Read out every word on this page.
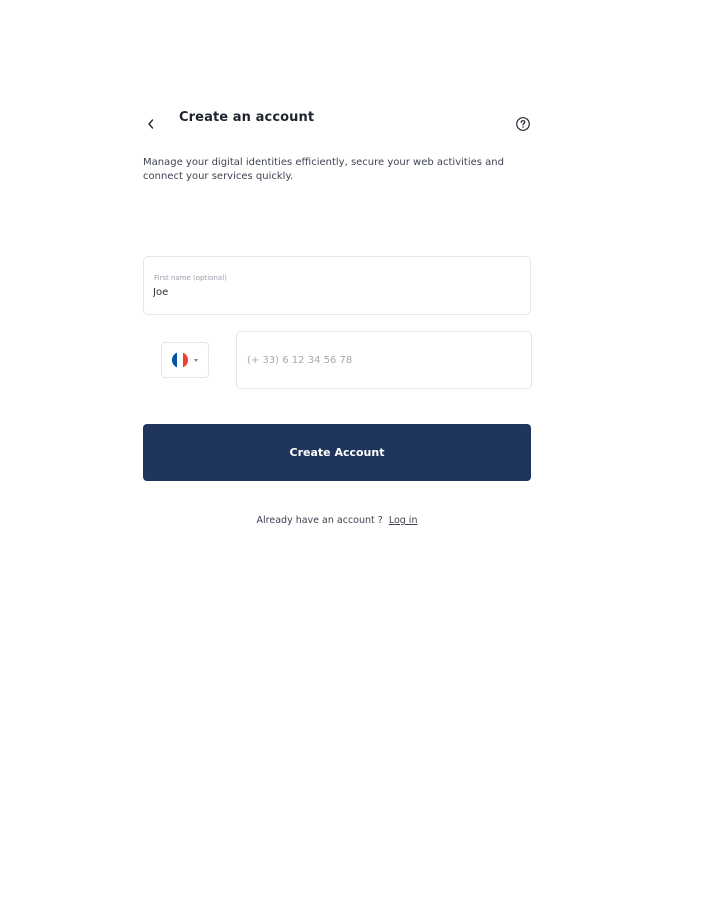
Create an account
Manage your digital identities efficiently, secure your web activities and connect your services quickly.
First name (optional)
Joe
(+ 33) 6 12 34 56 78
Create Account
Already have an account ? Log in
